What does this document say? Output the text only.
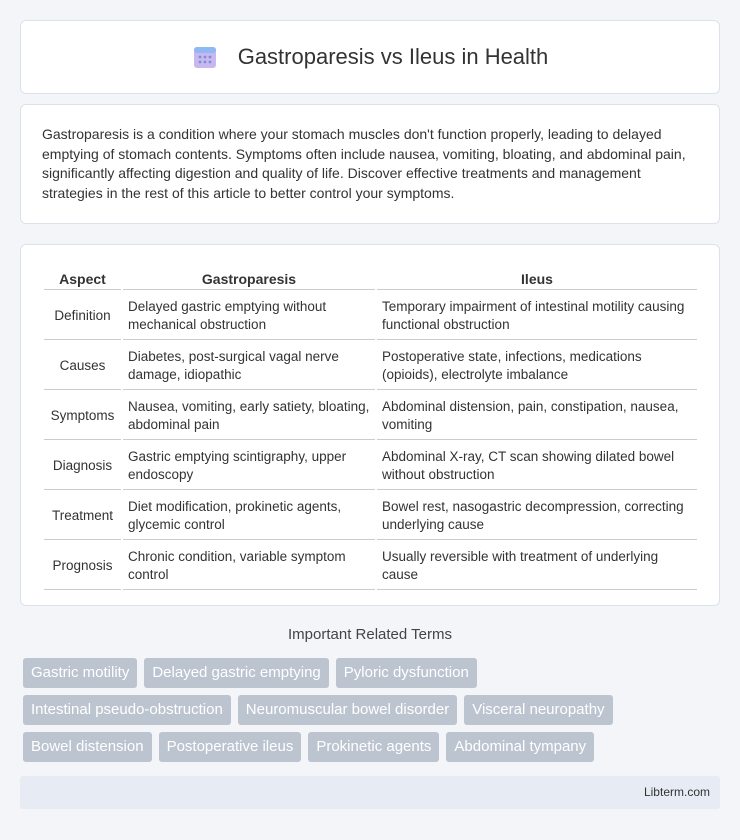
Gastroparesis vs Ileus in Health

Gastroparesis is a condition where your stomach muscles don't function properly, leading to delayed emptying of stomach contents. Symptoms often include nausea, vomiting, bloating, and abdominal pain, significantly affecting digestion and quality of life. Discover effective treatments and management strategies in the rest of this article to better control your symptoms.

Aspect	Gastroparesis	Ileus
Definition	Delayed gastric emptying without mechanical obstruction	Temporary impairment of intestinal motility causing functional obstruction
Causes	Diabetes, post-surgical vagal nerve damage, idiopathic	Postoperative state, infections, medications (opioids), electrolyte imbalance
Symptoms	Nausea, vomiting, early satiety, bloating, abdominal pain	Abdominal distension, pain, constipation, nausea, vomiting
Diagnosis	Gastric emptying scintigraphy, upper endoscopy	Abdominal X-ray, CT scan showing dilated bowel without obstruction
Treatment	Diet modification, prokinetic agents, glycemic control	Bowel rest, nasogastric decompression, correcting underlying cause
Prognosis	Chronic condition, variable symptom control	Usually reversible with treatment of underlying cause
Important Related Terms
Gastric motility	Delayed gastric emptying	Pyloric dysfunction
Intestinal pseudo-obstruction	Neuromuscular bowel disorder	Visceral neuropathy
Bowel distension	Postoperative ileus	Prokinetic agents	Abdominal tympany
Libterm.com
